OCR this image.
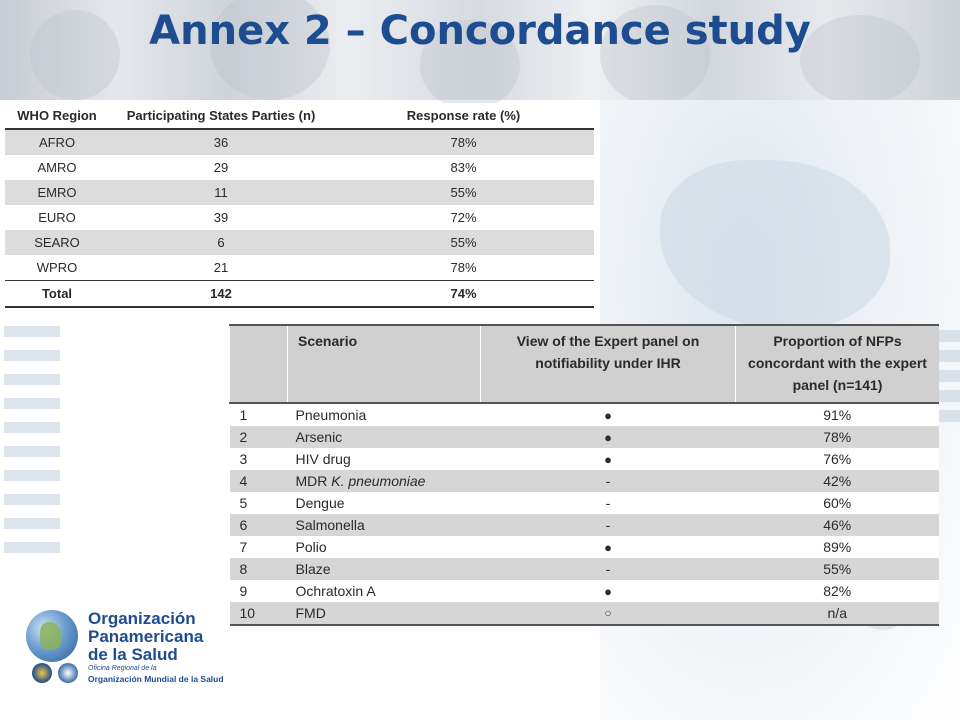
Annex 2 – Concordance study
WHO Region	Participating States Parties (n)	Response rate (%)
AFRO	36	78%
AMRO	29	83%
EMRO	11	55%
EURO	39	72%
SEARO	6	55%
WPRO	21	78%
Total	142	74%
	Scenario	View of the Expert panel on notifiability under IHR	Proportion of NFPs concordant with the expert panel (n=141)
1	Pneumonia	●	91%
2	Arsenic	●	78%
3	HIV drug	●	76%
4	MDR K. pneumoniae	-	42%
5	Dengue	-	60%
6	Salmonella	-	46%
7	Polio	●	89%
8	Blaze	-	55%
9	Ochratoxin A	●	82%
10	FMD	○	n/a
Organización
Panamericana
de la Salud
Oficina Regional de la
Organización Mundial de la Salud
